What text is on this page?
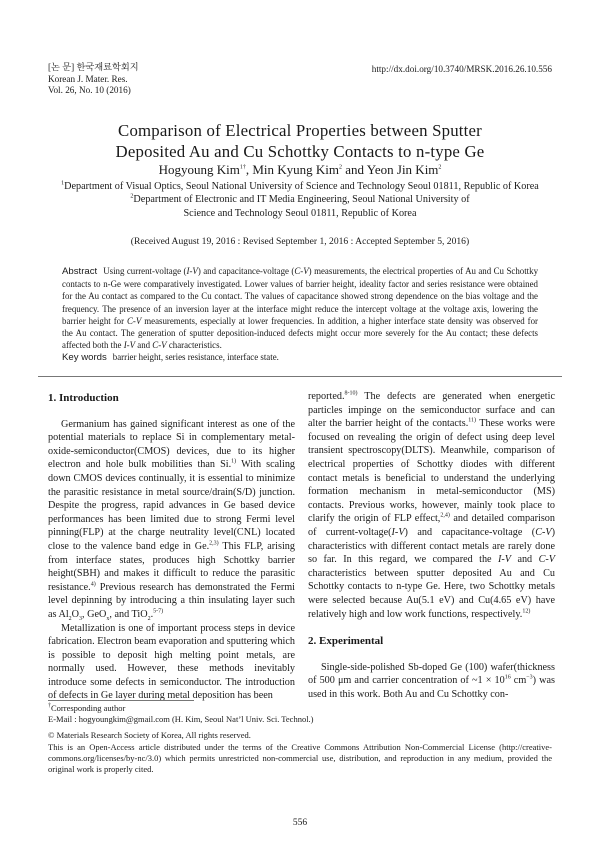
[논 문] 한국재료학회지
Korean J. Mater. Res.
Vol. 26, No. 10 (2016)
http://dx.doi.org/10.3740/MRSK.2016.26.10.556
Comparison of Electrical Properties between Sputter
Deposited Au and Cu Schottky Contacts to n-type Ge
Hogyoung Kim$^{1\dagger}$, Min Kyung Kim$^2$ and Yeon Jin Kim$^2$
$^1$Department of Visual Optics, Seoul National University of Science and Technology Seoul 01811, Republic of Korea
$^2$Department of Electronic and IT Media Engineering, Seoul National University of
Science and Technology Seoul 01811, Republic of Korea
(Received August 19, 2016 : Revised September 1, 2016 : Accepted September 5, 2016)
Abstract Using current-voltage (I-V) and capacitance-voltage (C-V) measurements, the electrical properties of Au and Cu Schottky contacts to n-Ge were comparatively investigated. Lower values of barrier height, ideality factor and series resistance were obtained for the Au contact as compared to the Cu contact. The values of capacitance showed strong dependence on the bias voltage and the frequency. The presence of an inversion layer at the interface might reduce the intercept voltage at the voltage axis, lowering the barrier height for C-V measurements, especially at lower frequencies. In addition, a higher interface state density was observed for the Au contact. The generation of sputter deposition-induced defects might occur more severely for the Au contact; these defects affected both the I-V and C-V characteristics.
Key words barrier height, series resistance, interface state.
1. Introduction

Germanium has gained significant interest as one of the potential materials to replace Si in complementary metal-oxide-semiconductor(CMOS) devices, due to its higher electron and hole bulk mobilities than Si.$^{1)}$ With scaling down CMOS devices continually, it is essential to minimize the parasitic resistance in metal source/drain(S/D) junction. Despite the progress, rapid advances in Ge based device performances has been limited due to strong Fermi level pinning(FLP) at the charge neutrality level(CNL) located close to the valence band edge in Ge.$^{2,3)}$ This FLP, arising from interface states, produces high Schottky barrier height(SBH) and makes it difficult to reduce the parasitic resistance.$^{4)}$ Previous research has demonstrated the Fermi level depinning by introducing a thin insulating layer such as $Al_2O_3$, GeO$_x$, and TiO$_2$.$^{5-7)}$

Metallization is one of important process steps in device fabrication. Electron beam evaporation and sputtering which is possible to deposit high melting point metals, are normally used. However, these methods inevitably introduce some defects in semiconductor. The introduction of defects in Ge layer during metal deposition has been

reported.$^{8-10)}$ The defects are generated when energetic particles impinge on the semiconductor surface and can alter the barrier height of the contacts.$^{11)}$ These works were focused on revealing the origin of defect using deep level transient spectroscopy(DLTS). Meanwhile, comparison of electrical properties of Schottky diodes with different contact metals is beneficial to understand the underlying formation mechanism in metal-semiconductor (MS) contacts. Previous works, however, mainly took place to clarify the origin of FLP effect,$^{2,4)}$ and detailed comparison of current-voltage(I-V) and capacitance-voltage (C-V) characteristics with different contact metals are rarely done so far. In this regard, we compared the I-V and C-V characteristics between sputter deposited Au and Cu Schottky contacts to n-type Ge. Here, two Schottky metals were selected because Au(5.1 eV) and Cu(4.65 eV) have relatively high and low work functions, respectively.$^{12)}$

2. Experimental

Single-side-polished Sb-doped Ge (100) wafer(thickness of 500 μm and carrier concentration of ~1 × $10^{16}$ $cm^{-3}$) was used in this work. Both Au and Cu Schottky con-

†Corresponding author
E-Mail : hogyoungkim@gmail.com (H. Kim, Seoul Nat’l Univ. Sci. Technol.)
© Materials Research Society of Korea, All rights reserved.
This is an Open-Access article distributed under the terms of the Creative Commons Attribution Non-Commercial License (http://creative-commons.org/licenses/by-nc/3.0) which permits unrestricted non-commercial use, distribution, and reproduction in any medium, provided the original work is properly cited.
556
